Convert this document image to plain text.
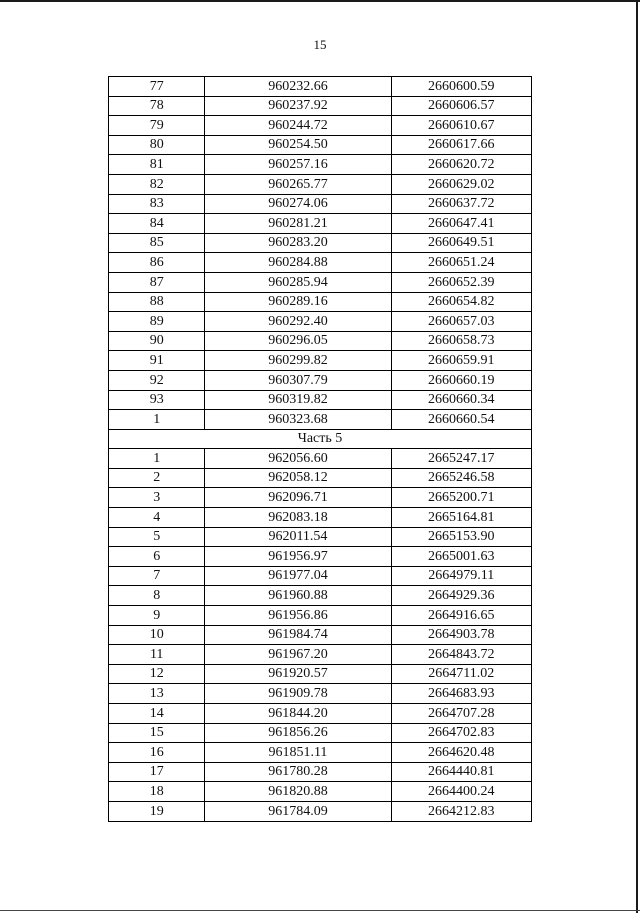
15
77	960232.66	2660600.59
78	960237.92	2660606.57
79	960244.72	2660610.67
80	960254.50	2660617.66
81	960257.16	2660620.72
82	960265.77	2660629.02
83	960274.06	2660637.72
84	960281.21	2660647.41
85	960283.20	2660649.51
86	960284.88	2660651.24
87	960285.94	2660652.39
88	960289.16	2660654.82
89	960292.40	2660657.03
90	960296.05	2660658.73
91	960299.82	2660659.91
92	960307.79	2660660.19
93	960319.82	2660660.34
1	960323.68	2660660.54
Часть 5		
1	962056.60	2665247.17
2	962058.12	2665246.58
3	962096.71	2665200.71
4	962083.18	2665164.81
5	962011.54	2665153.90
6	961956.97	2665001.63
7	961977.04	2664979.11
8	961960.88	2664929.36
9	961956.86	2664916.65
10	961984.74	2664903.78
11	961967.20	2664843.72
12	961920.57	2664711.02
13	961909.78	2664683.93
14	961844.20	2664707.28
15	961856.26	2664702.83
16	961851.11	2664620.48
17	961780.28	2664440.81
18	961820.88	2664400.24
19	961784.09	2664212.83
